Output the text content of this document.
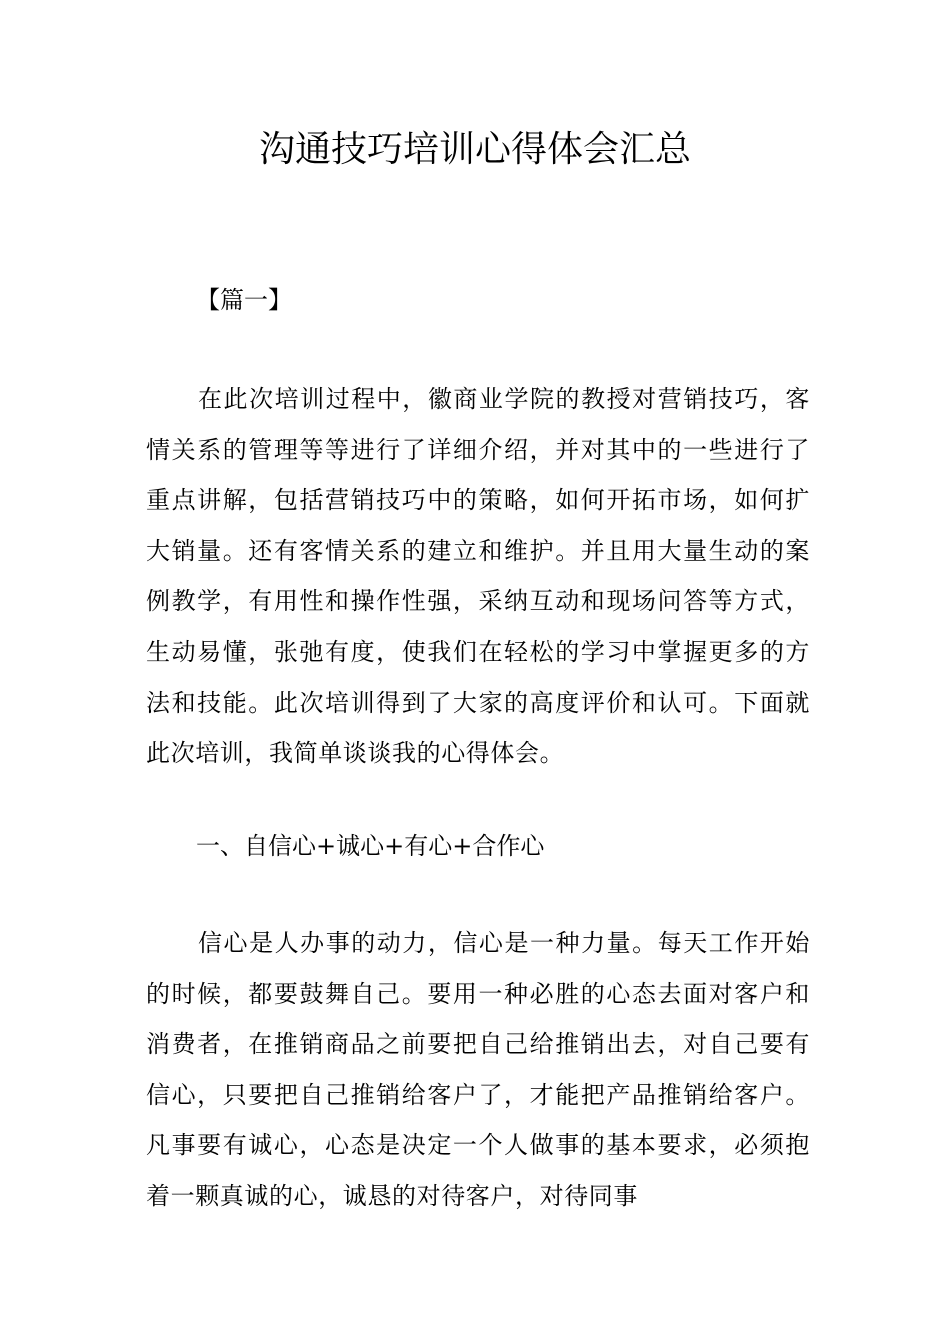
沟通技巧培训心得体会汇总

【篇一】

在此次培训过程中，徽商业学院的教授对营销技巧，客情关系的管理等等进行了详细介绍，并对其中的一些进行了重点讲解，包括营销技巧中的策略，如何开拓市场，如何扩大销量。还有客情关系的建立和维护。并且用大量生动的案例教学，有用性和操作性强，采纳互动和现场问答等方式，生动易懂，张弛有度，使我们在轻松的学习中掌握更多的方法和技能。此次培训得到了大家的高度评价和认可。下面就此次培训，我简单谈谈我的心得体会。

一、自信心+诚心+有心+合作心

信心是人办事的动力，信心是一种力量。每天工作开始的时候，都要鼓舞自己。要用一种必胜的心态去面对客户和消费者，在推销商品之前要把自己给推销出去，对自己要有信心，只要把自己推销给客户了，才能把产品推销给客户。凡事要有诚心，心态是决定一个人做事的基本要求，必须抱着一颗真诚的心，诚恳的对待客户，对待同事
